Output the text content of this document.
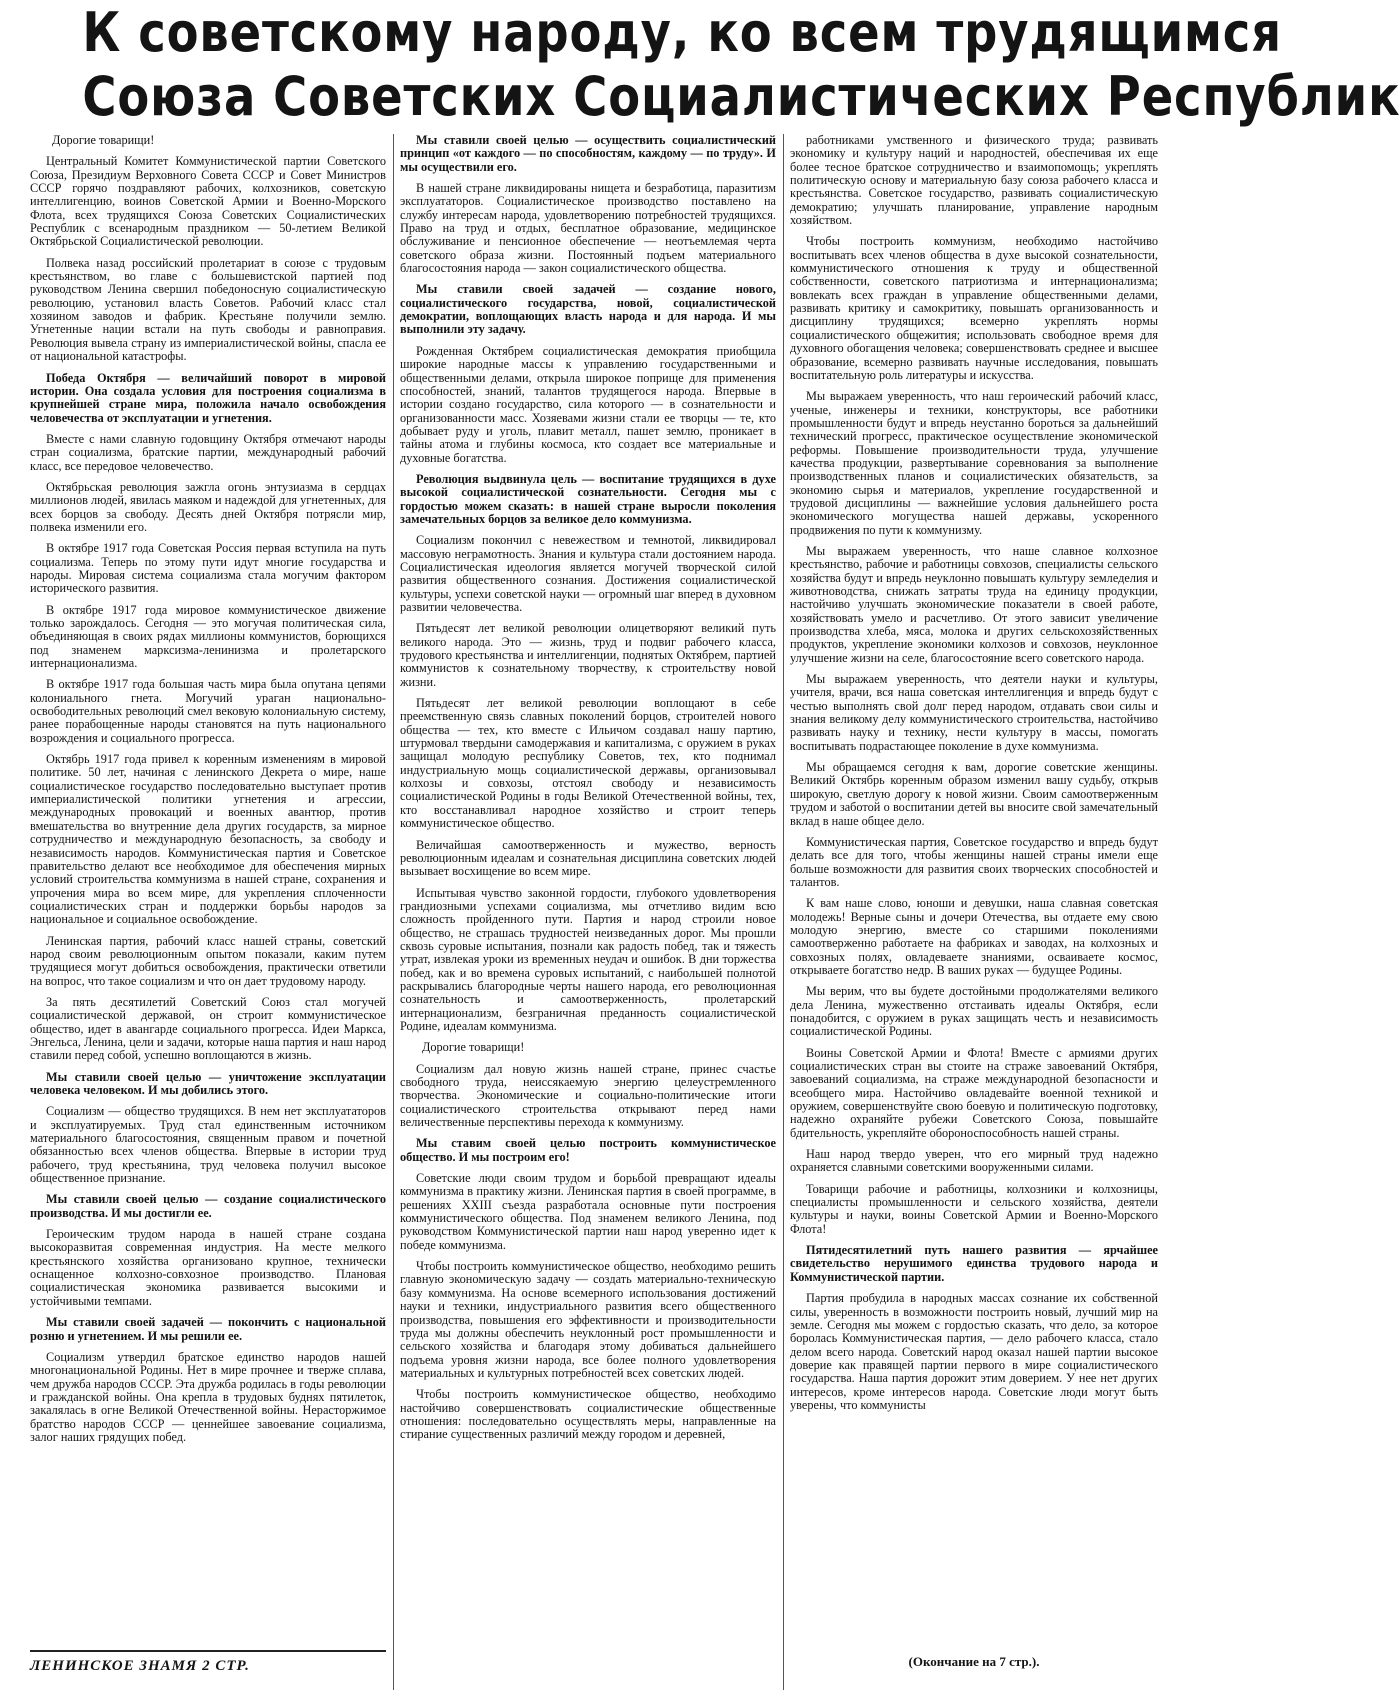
К советскому народу, ко всем трудящимся
Союза Советских Социалистических Республик

Дорогие товарищи!

Центральный Комитет Коммунистической партии Советского Союза, Президиум Верховного Совета СССР и Совет Министров СССР горячо поздравляют рабочих, колхозников, советскую интеллигенцию, воинов Советской Армии и Военно-Морского Флота, всех трудящихся Союза Советских Социалистических Республик с всенародным праздником — 50-летием Великой Октябрьской Социалистической революции.

Полвека назад российский пролетариат в союзе с трудовым крестьянством, во главе с большевистской партией под руководством Ленина свершил победоносную социалистическую революцию, установил власть Советов. Рабочий класс стал хозяином заводов и фабрик. Крестьяне получили землю. Угнетенные нации встали на путь свободы и равноправия. Революция вывела страну из империалистической войны, спасла ее от национальной катастрофы.

Победа Октября — величайший поворот в мировой истории. Она создала условия для построения социализма в крупнейшей стране мира, положила начало освобождения человечества от эксплуатации и угнетения.

Вместе с нами славную годовщину Октября отмечают народы стран социализма, братские партии, международный рабочий класс, все передовое человечество.

Октябрьская революция зажгла огонь энтузиазма в сердцах миллионов людей, явилась маяком и надеждой для угнетенных, для всех борцов за свободу. Десять дней Октября потрясли мир, полвека изменили его.

В октябре 1917 года Советская Россия первая вступила на путь социализма. Теперь по этому пути идут многие государства и народы. Мировая система социализма стала могучим фактором исторического развития.

В октябре 1917 года мировое коммунистическое движение только зарождалось. Сегодня — это могучая политическая сила, объединяющая в своих рядах миллионы коммунистов, борющихся под знаменем марксизма-ленинизма и пролетарского интернационализма.

В октябре 1917 года большая часть мира была опутана цепями колониального гнета. Могучий ураган национально-освободительных революций смел вековую колониальную систему, ранее порабощенные народы становятся на путь национального возрождения и социального прогресса.

Октябрь 1917 года привел к коренным изменениям в мировой политике. 50 лет, начиная с ленинского Декрета о мире, наше социалистическое государство последовательно выступает против империалистической политики угнетения и агрессии, международных провокаций и военных авантюр, против вмешательства во внутренние дела других государств, за мирное сотрудничество и международную безопасность, за свободу и независимость народов. Коммунистическая партия и Советское правительство делают все необходимое для обеспечения мирных условий строительства коммунизма в нашей стране, сохранения и упрочения мира во всем мире, для укрепления сплоченности социалистических стран и поддержки борьбы народов за национальное и социальное освобождение.

Ленинская партия, рабочий класс нашей страны, советский народ своим революционным опытом показали, каким путем трудящиеся могут добиться освобождения, практически ответили на вопрос, что такое социализм и что он дает трудовому народу.

За пять десятилетий Советский Союз стал могучей социалистической державой, он строит коммунистическое общество, идет в авангарде социального прогресса. Идеи Маркса, Энгельса, Ленина, цели и задачи, которые наша партия и наш народ ставили перед собой, успешно воплощаются в жизнь.

Мы ставили своей целью — уничтожение эксплуатации человека человеком. И мы добились этого.

Социализм — общество трудящихся. В нем нет эксплуататоров и эксплуатируемых. Труд стал единственным источником материального благосостояния, священным правом и почетной обязанностью всех членов общества. Впервые в истории труд рабочего, труд крестьянина, труд человека получил высокое общественное признание.

Мы ставили своей целью — создание социалистического производства. И мы достигли ее.

Героическим трудом народа в нашей стране создана высокоразвитая современная индустрия. На месте мелкого крестьянского хозяйства организовано крупное, технически оснащенное колхозно-совхозное производство. Плановая социалистическая экономика развивается высокими и устойчивыми темпами.

Мы ставили своей задачей — покончить с национальной розню и угнетением. И мы решили ее.

Социализм утвердил братское единство народов нашей многонациональной Родины. Нет в мире прочнее и тверже сплава, чем дружба народов СССР. Эта дружба родилась в годы революции и гражданской войны. Она крепла в трудовых буднях пятилеток, закалялась в огне Великой Отечественной войны. Нерасторжимое братство народов СССР — ценнейшее завоевание социализма, залог наших грядущих побед.

Мы ставили своей целью — осуществить социалистический принцип «от каждого — по способностям, каждому — по труду». И мы осуществили его.

В нашей стране ликвидированы нищета и безработица, паразитизм эксплуататоров. Социалистическое производство поставлено на службу интересам народа, удовлетворению потребностей трудящихся. Право на труд и отдых, бесплатное образование, медицинское обслуживание и пенсионное обеспечение — неотъемлемая черта советского образа жизни. Постоянный подъем материального благосостояния народа — закон социалистического общества.

Мы ставили своей задачей — создание нового, социалистического государства, новой, социалистической демократии, воплощающих власть народа и для народа. И мы выполнили эту задачу.

Рожденная Октябрем социалистическая демократия приобщила широкие народные массы к управлению государственными и общественными делами, открыла широкое поприще для применения способностей, знаний, талантов трудящегося народа. Впервые в истории создано государство, сила которого — в сознательности и организованности масс. Хозяевами жизни стали ее творцы — те, кто добывает руду и уголь, плавит металл, пашет землю, проникает в тайны атома и глубины космоса, кто создает все материальные и духовные богатства.

Революция выдвинула цель — воспитание трудящихся в духе высокой социалистической сознательности. Сегодня мы с гордостью можем сказать: в нашей стране выросли поколения замечательных борцов за великое дело коммунизма.

Социализм покончил с невежеством и темнотой, ликвидировал массовую неграмотность. Знания и культура стали достоянием народа. Социалистическая идеология является могучей творческой силой развития общественного сознания. Достижения социалистической культуры, успехи советской науки — огромный шаг вперед в духовном развитии человечества.

Пятьдесят лет великой революции олицетворяют великий путь великого народа. Это — жизнь, труд и подвиг рабочего класса, трудового крестьянства и интеллигенции, поднятых Октябрем, партией коммунистов к сознательному творчеству, к строительству новой жизни.

Пятьдесят лет великой революции воплощают в себе преемственную связь славных поколений борцов, строителей нового общества — тех, кто вместе с Ильичом создавал нашу партию, штурмовал твердыни самодержавия и капитализма, с оружием в руках защищал молодую республику Советов, тех, кто поднимал индустриальную мощь социалистической державы, организовывал колхозы и совхозы, отстоял свободу и независимость социалистической Родины в годы Великой Отечественной войны, тех, кто восстанавливал народное хозяйство и строит теперь коммунистическое общество.

Величайшая самоотверженность и мужество, верность революционным идеалам и сознательная дисциплина советских людей вызывает восхищение во всем мире.

Испытывая чувство законной гордости, глубокого удовлетворения грандиозными успехами социализма, мы отчетливо видим всю сложность пройденного пути. Партия и народ строили новое общество, не страшась трудностей неизведанных дорог. Мы прошли сквозь суровые испытания, познали как радость побед, так и тяжесть утрат, извлекая уроки из временных неудач и ошибок. В дни торжества побед, как и во времена суровых испытаний, с наибольшей полнотой раскрывались благородные черты нашего народа, его революционная сознательность и самоотверженность, пролетарский интернационализм, безграничная преданность социалистической Родине, идеалам коммунизма.

Дорогие товарищи!

Социализм дал новую жизнь нашей стране, принес счастье свободного труда, неиссякаемую энергию целеустремленного творчества. Экономические и социально-политические итоги социалистического строительства открывают перед нами величественные перспективы перехода к коммунизму.

Мы ставим своей целью построить коммунистическое общество. И мы построим его!

Советские люди своим трудом и борьбой превращают идеалы коммунизма в практику жизни. Ленинская партия в своей программе, в решениях XXIII съезда разработала основные пути построения коммунистического общества. Под знаменем великого Ленина, под руководством Коммунистической партии наш народ уверенно идет к победе коммунизма.

Чтобы построить коммунистическое общество, необходимо решить главную экономическую задачу — создать материально-техническую базу коммунизма. На основе всемерного использования достижений науки и техники, индустриального развития всего общественного производства, повышения его эффективности и производительности труда мы должны обеспечить неуклонный рост промышленности и сельского хозяйства и благодаря этому добиваться дальнейшего подъема уровня жизни народа, все более полного удовлетворения материальных и культурных потребностей всех советских людей.

Чтобы построить коммунистическое общество, необходимо настойчиво совершенствовать социалистические общественные отношения: последовательно осуществлять меры, направленные на стирание существенных различий между городом и деревней,

работниками умственного и физического труда; развивать экономику и культуру наций и народностей, обеспечивая их еще более тесное братское сотрудничество и взаимопомощь; укреплять политическую основу и материальную базу союза рабочего класса и крестьянства. Советское государство, развивать социалистическую демократию; улучшать планирование, управление народным хозяйством.

Чтобы построить коммунизм, необходимо настойчиво воспитывать всех членов общества в духе высокой сознательности, коммунистического отношения к труду и общественной собственности, советского патриотизма и интернационализма; вовлекать всех граждан в управление общественными делами, развивать критику и самокритику, повышать организованность и дисциплину трудящихся; всемерно укреплять нормы социалистического общежития; использовать свободное время для духовного обогащения человека; совершенствовать среднее и высшее образование, всемерно развивать научные исследования, повышать воспитательную роль литературы и искусства.

Мы выражаем уверенность, что наш героический рабочий класс, ученые, инженеры и техники, конструкторы, все работники промышленности будут и впредь неустанно бороться за дальнейший технический прогресс, практическое осуществление экономической реформы. Повышение производительности труда, улучшение качества продукции, развертывание соревнования за выполнение производственных планов и социалистических обязательств, за экономию сырья и материалов, укрепление государственной и трудовой дисциплины — важнейшие условия дальнейшего роста экономического могущества нашей державы, ускоренного продвижения по пути к коммунизму.

Мы выражаем уверенность, что наше славное колхозное крестьянство, рабочие и работницы совхозов, специалисты сельского хозяйства будут и впредь неуклонно повышать культуру земледелия и животноводства, снижать затраты труда на единицу продукции, настойчиво улучшать экономические показатели в своей работе, хозяйствовать умело и расчетливо. От этого зависит увеличение производства хлеба, мяса, молока и других сельскохозяйственных продуктов, укрепление экономики колхозов и совхозов, неуклонное улучшение жизни на селе, благосостояние всего советского народа.

Мы выражаем уверенность, что деятели науки и культуры, учителя, врачи, вся наша советская интеллигенция и впредь будут с честью выполнять свой долг перед народом, отдавать свои силы и знания великому делу коммунистического строительства, настойчиво развивать науку и технику, нести культуру в массы, помогать воспитывать подрастающее поколение в духе коммунизма.

Мы обращаемся сегодня к вам, дорогие советские женщины. Великий Октябрь коренным образом изменил вашу судьбу, открыв широкую, светлую дорогу к новой жизни. Своим самоотверженным трудом и заботой о воспитании детей вы вносите свой замечательный вклад в наше общее дело.

Коммунистическая партия, Советское государство и впредь будут делать все для того, чтобы женщины нашей страны имели еще больше возможности для развития своих творческих способностей и талантов.

К вам наше слово, юноши и девушки, наша славная советская молодежь! Верные сыны и дочери Отечества, вы отдаете ему свою молодую энергию, вместе со старшими поколениями самоотверженно работаете на фабриках и заводах, на колхозных и совхозных полях, овладеваете знаниями, осваиваете космос, открываете богатство недр. В ваших руках — будущее Родины.

Мы верим, что вы будете достойными продолжателями великого дела Ленина, мужественно отстаивать идеалы Октября, если понадобится, с оружием в руках защищать честь и независимость социалистической Родины.

Воины Советской Армии и Флота! Вместе с армиями других социалистических стран вы стоите на страже завоеваний Октября, завоеваний социализма, на страже международной безопасности и всеобщего мира. Настойчиво овладевайте военной техникой и оружием, совершенствуйте свою боевую и политическую подготовку, надежно охраняйте рубежи Советского Союза, повышайте бдительность, укрепляйте обороноспособность нашей страны.

Наш народ твердо уверен, что его мирный труд надежно охраняется славными советскими вооруженными силами.

Товарищи рабочие и работницы, колхозники и колхозницы, специалисты промышленности и сельского хозяйства, деятели культуры и науки, воины Советской Армии и Военно-Морского Флота!

Пятидесятилетний путь нашего развития — ярчайшее свидетельство нерушимого единства трудового народа и Коммунистической партии.

Партия пробудила в народных массах сознание их собственной силы, уверенность в возможности построить новый, лучший мир на земле. Сегодня мы можем с гордостью сказать, что дело, за которое боролась Коммунистическая партия, — дело рабочего класса, стало делом всего народа. Советский народ оказал нашей партии высокое доверие как правящей партии первого в мире социалистического государства. Наша партия дорожит этим доверием. У нее нет других интересов, кроме интересов народа. Советские люди могут быть уверены, что коммунисты

ЛЕНИНСКОЕ ЗНАМЯ 2 СТР.	(Окончание на 7 стр.).
